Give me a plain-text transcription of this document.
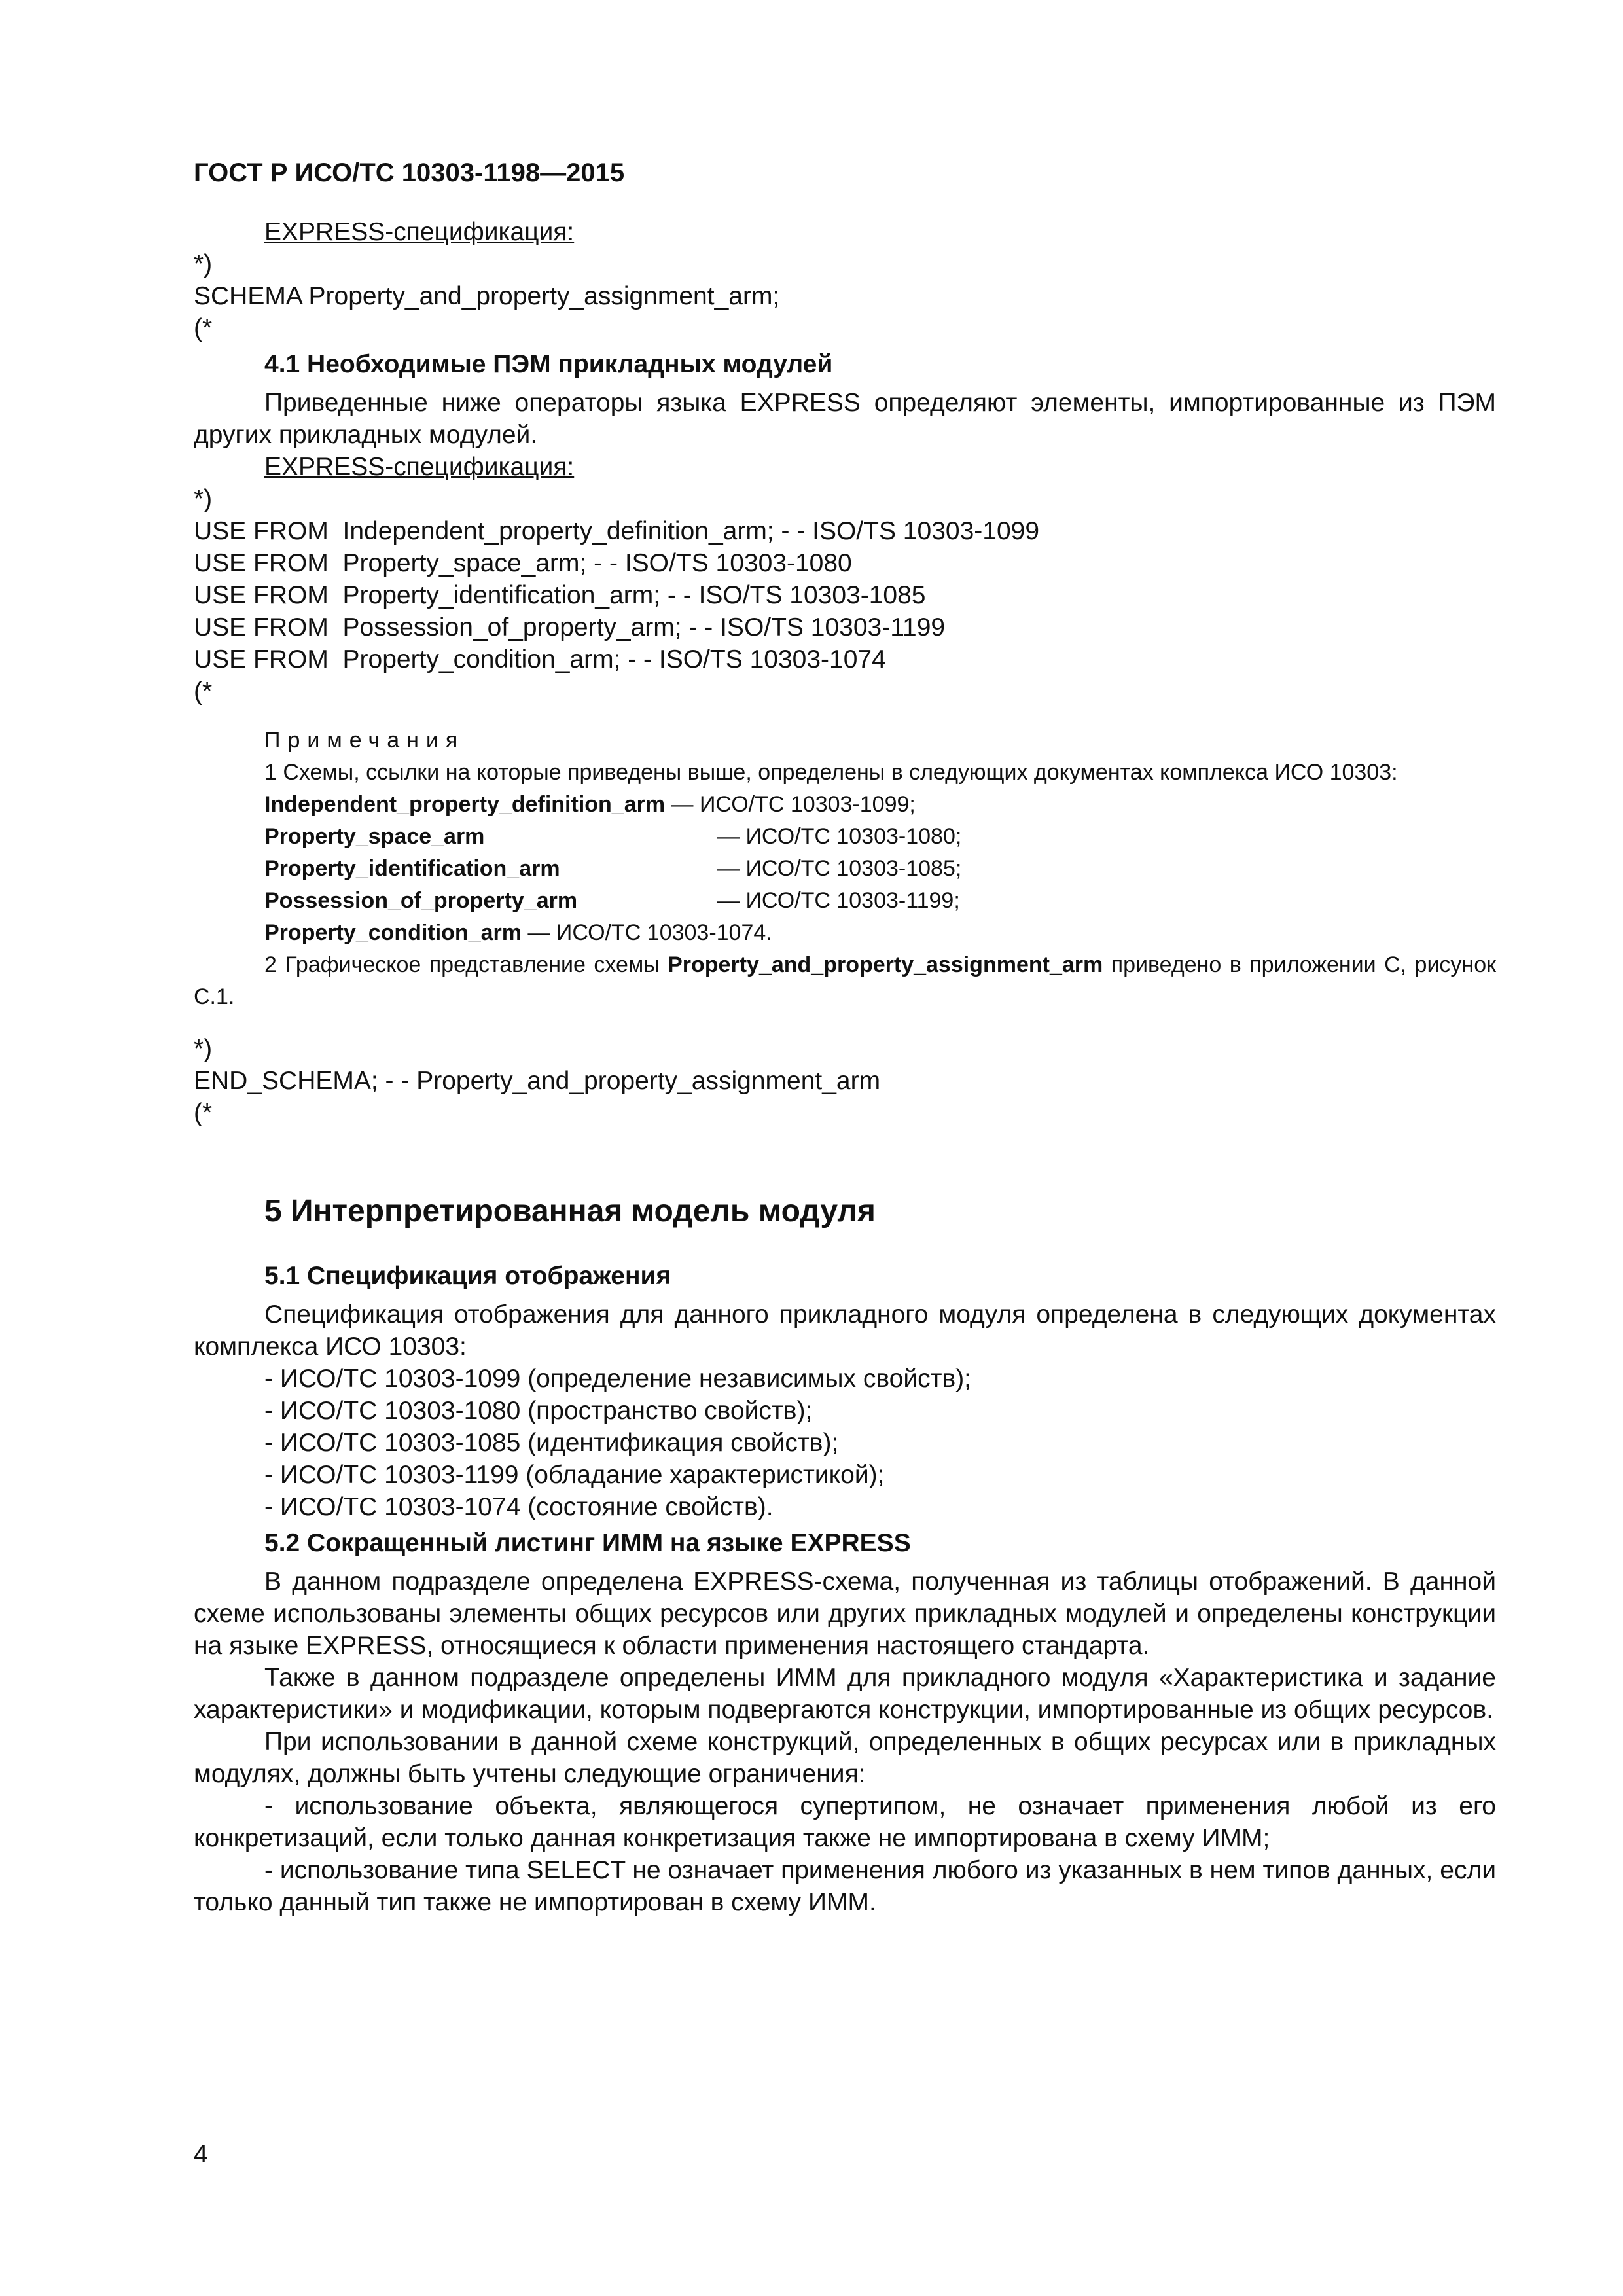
ГОСТ Р ИСО/ТС 10303-1198—2015

EXPRESS-спецификация:

*)

SCHEMA Property_and_property_assignment_arm;

(*

4.1 Необходимые ПЭМ прикладных модулей

Приведенные ниже операторы языка EXPRESS определяют элементы, импортированные из ПЭМ других прикладных модулей.

EXPRESS-спецификация:

*)

USE FROM  Independent_property_definition_arm; - - ISO/TS 10303-1099

USE FROM  Property_space_arm; - - ISO/TS 10303-1080

USE FROM  Property_identification_arm; - - ISO/TS 10303-1085

USE FROM  Possession_of_property_arm; - - ISO/TS 10303-1199

USE FROM  Property_condition_arm; - - ISO/TS 10303-1074

(*

Примечания

1 Схемы, ссылки на которые приведены выше, определены в следующих документах комплекса ИСО 10303:

Independent_property_definition_arm — ИСО/ТС 10303-1099;
Property_space_arm	— ИСО/ТС 10303-1080;
Property_identification_arm	— ИСО/ТС 10303-1085;
Possession_of_property_arm	— ИСО/ТС 10303-1199;
Property_condition_arm — ИСО/ТС 10303-1074.

2 Графическое представление схемы Property_and_property_assignment_arm приведено в приложении С, рисунок С.1.

*)

END_SCHEMA; - - Property_and_property_assignment_arm

(*

5 Интерпретированная модель модуля
5.1 Спецификация отображения

Спецификация отображения для данного прикладного модуля определена в следующих документах комплекса ИСО 10303:

- ИСО/ТС 10303-1099 (определение независимых свойств);

- ИСО/ТС 10303-1080 (пространство свойств);

- ИСО/ТС 10303-1085 (идентификация свойств);

- ИСО/ТС 10303-1199 (обладание характеристикой);

- ИСО/ТС 10303-1074 (состояние свойств).

5.2 Сокращенный листинг ИММ на языке EXPRESS

В данном подразделе определена EXPRESS-схема, полученная из таблицы отображений. В данной схеме использованы элементы общих ресурсов или других прикладных модулей и определены конструкции на языке EXPRESS, относящиеся к области применения настоящего стандарта.

Также в данном подразделе определены ИММ для прикладного модуля «Характеристика и задание характеристики» и модификации, которым подвергаются конструкции, импортированные из общих ресурсов.

При использовании в данной схеме конструкций, определенных в общих ресурсах или в прикладных модулях, должны быть учтены следующие ограничения:

- использование объекта, являющегося супертипом, не означает применения любой из его конкретизаций, если только данная конкретизация также не импортирована в схему ИММ;

- использование типа SELECT не означает применения любого из указанных в нем типов данных, если только данный тип также не импортирован в схему ИММ.

4
